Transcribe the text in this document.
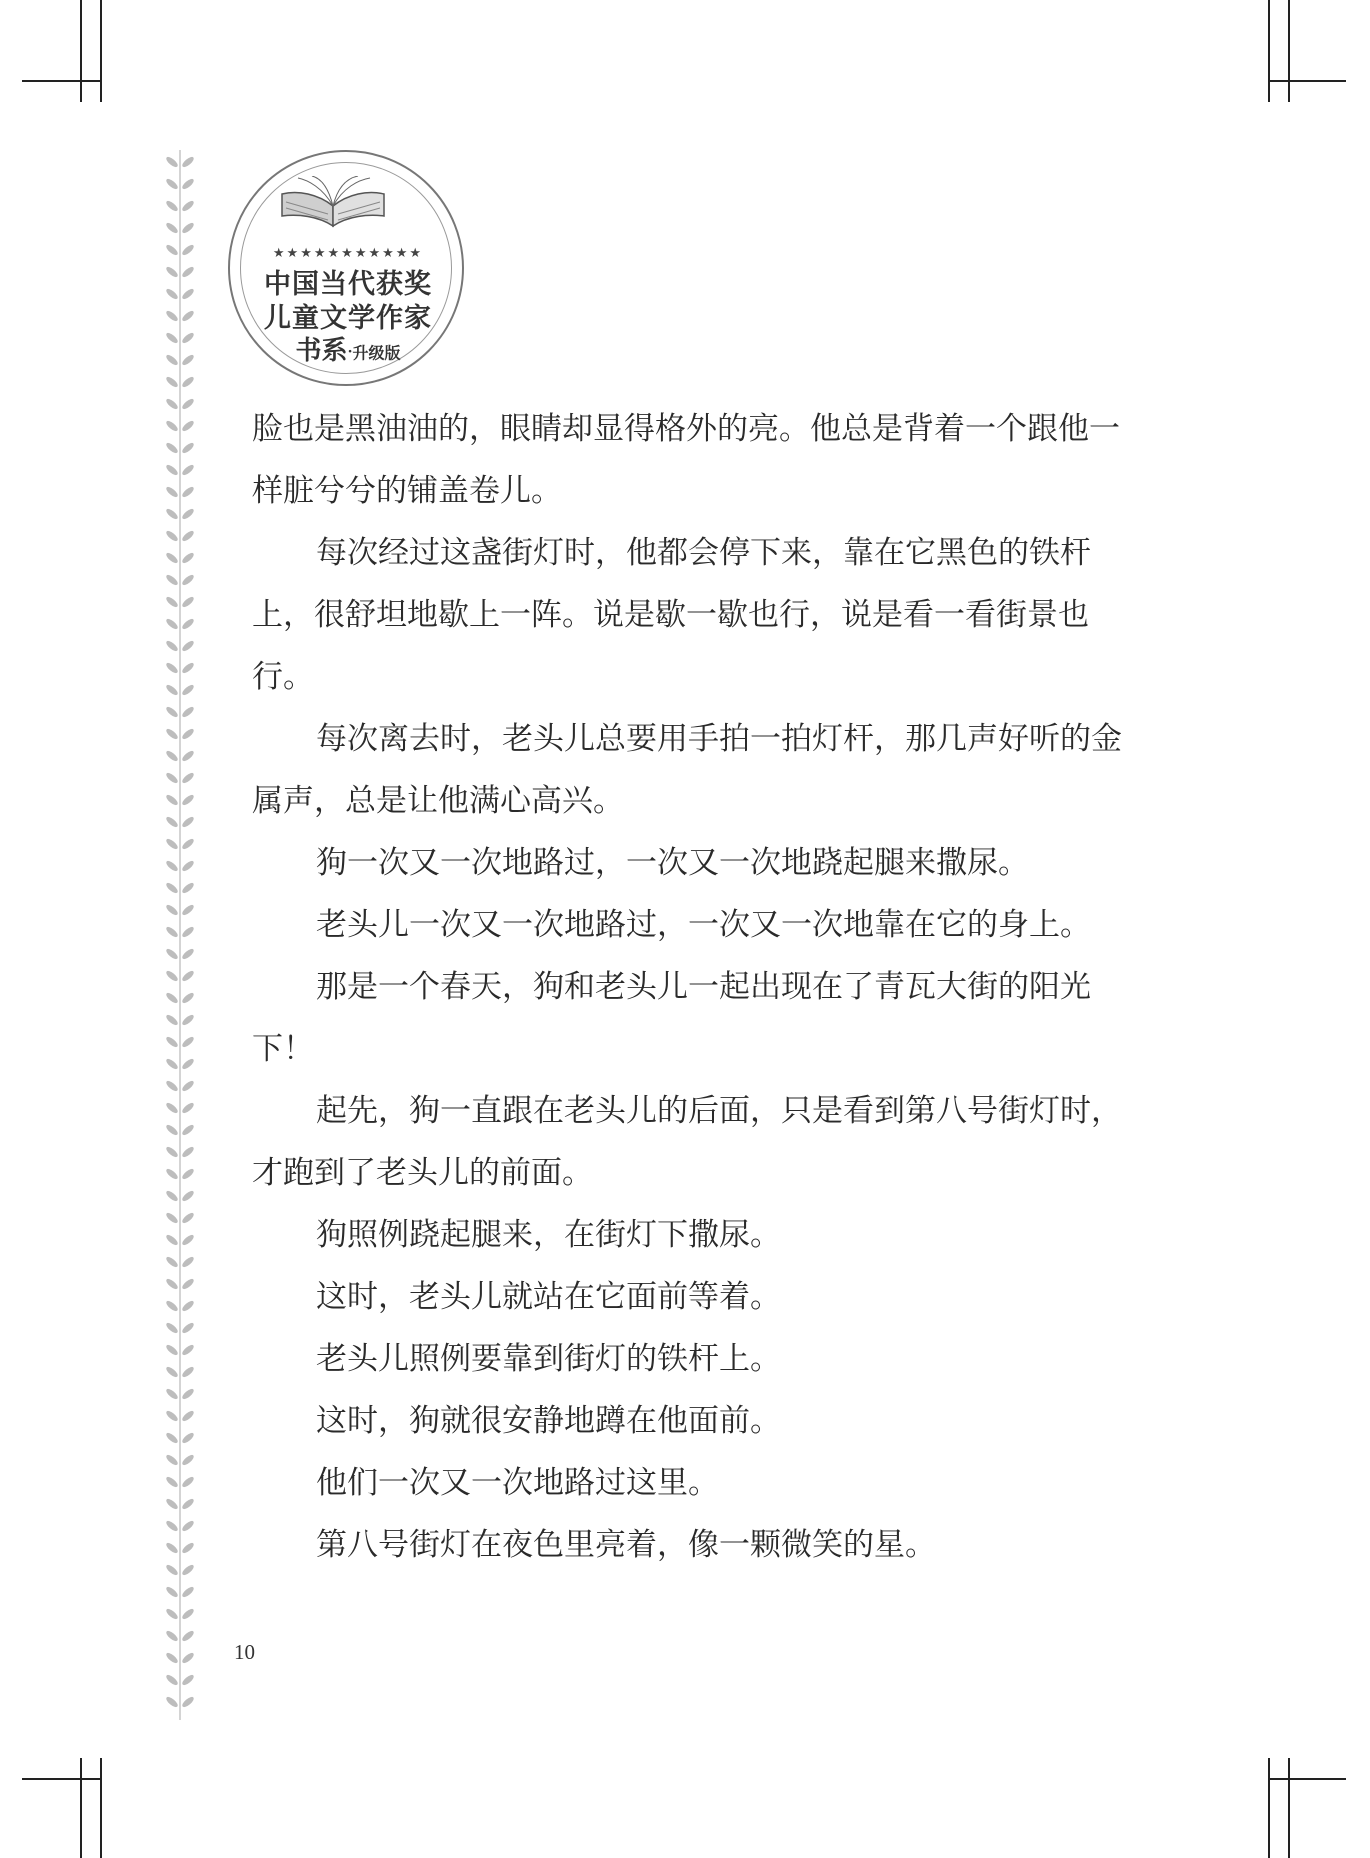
★★★★★★★★★★★
中国当代获奖
儿童文学作家
书系·升级版

脸也是黑油油的，眼睛却显得格外的亮。他总是背着一个跟他一样脏兮兮的铺盖卷儿。

每次经过这盏街灯时，他都会停下来，靠在它黑色的铁杆上，很舒坦地歇上一阵。说是歇一歇也行，说是看一看街景也行。

每次离去时，老头儿总要用手拍一拍灯杆，那几声好听的金属声，总是让他满心高兴。

狗一次又一次地路过，一次又一次地跷起腿来撒尿。

老头儿一次又一次地路过，一次又一次地靠在它的身上。

那是一个春天，狗和老头儿一起出现在了青瓦大街的阳光下！

起先，狗一直跟在老头儿的后面，只是看到第八号街灯时，才跑到了老头儿的前面。

狗照例跷起腿来，在街灯下撒尿。

这时，老头儿就站在它面前等着。

老头儿照例要靠到街灯的铁杆上。

这时，狗就很安静地蹲在他面前。

他们一次又一次地路过这里。

第八号街灯在夜色里亮着，像一颗微笑的星。

10
